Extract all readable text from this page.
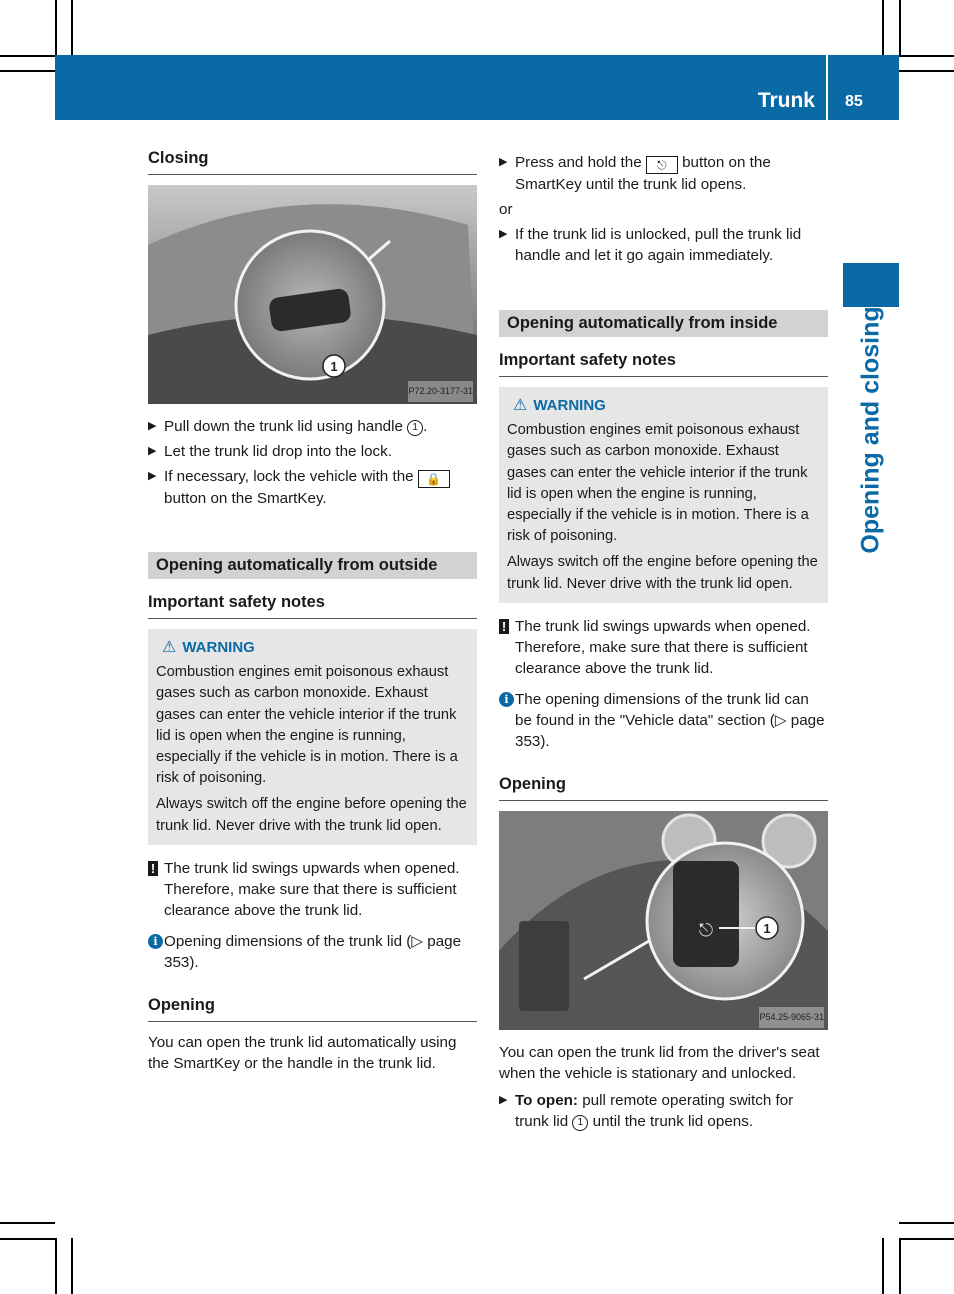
Trunk 85
Opening and closing
Closing
1
P72.20-3177-31
▶ Pull down the trunk lid using handle 1 .
▶ Let the trunk lid drop into the lock.
▶ If necessary, lock the vehicle with the 🔒 button on the SmartKey.
Opening automatically from outside
Important safety notes
⚠ WARNING
Combustion engines emit poisonous exhaust gases such as carbon monoxide. Exhaust gases can enter the vehicle interior if the trunk lid is open when the engine is running, especially if the vehicle is in motion. There is a risk of poisoning.
Always switch off the engine before opening the trunk lid. Never drive with the trunk lid open.
! The trunk lid swings upwards when opened. Therefore, make sure that there is sufficient clearance above the trunk lid.
i Opening dimensions of the trunk lid (▷ page 353).
Opening
You can open the trunk lid automatically using the SmartKey or the handle in the trunk lid.
▶ Press and hold the ⎋ button on the SmartKey until the trunk lid opens.
or
▶ If the trunk lid is unlocked, pull the trunk lid handle and let it go again immediately.
Opening automatically from inside
Important safety notes
⚠ WARNING
Combustion engines emit poisonous exhaust gases such as carbon monoxide. Exhaust gases can enter the vehicle interior if the trunk lid is open when the engine is running, especially if the vehicle is in motion. There is a risk of poisoning.
Always switch off the engine before opening the trunk lid. Never drive with the trunk lid open.
! The trunk lid swings upwards when opened. Therefore, make sure that there is sufficient clearance above the trunk lid.
i The opening dimensions of the trunk lid can be found in the "Vehicle data" section (▷ page 353).
Opening
⎋	1
P54.25-9065-31
You can open the trunk lid from the driver's seat when the vehicle is stationary and unlocked.
▶ To open: pull remote operating switch for trunk lid 1 until the trunk lid opens.
